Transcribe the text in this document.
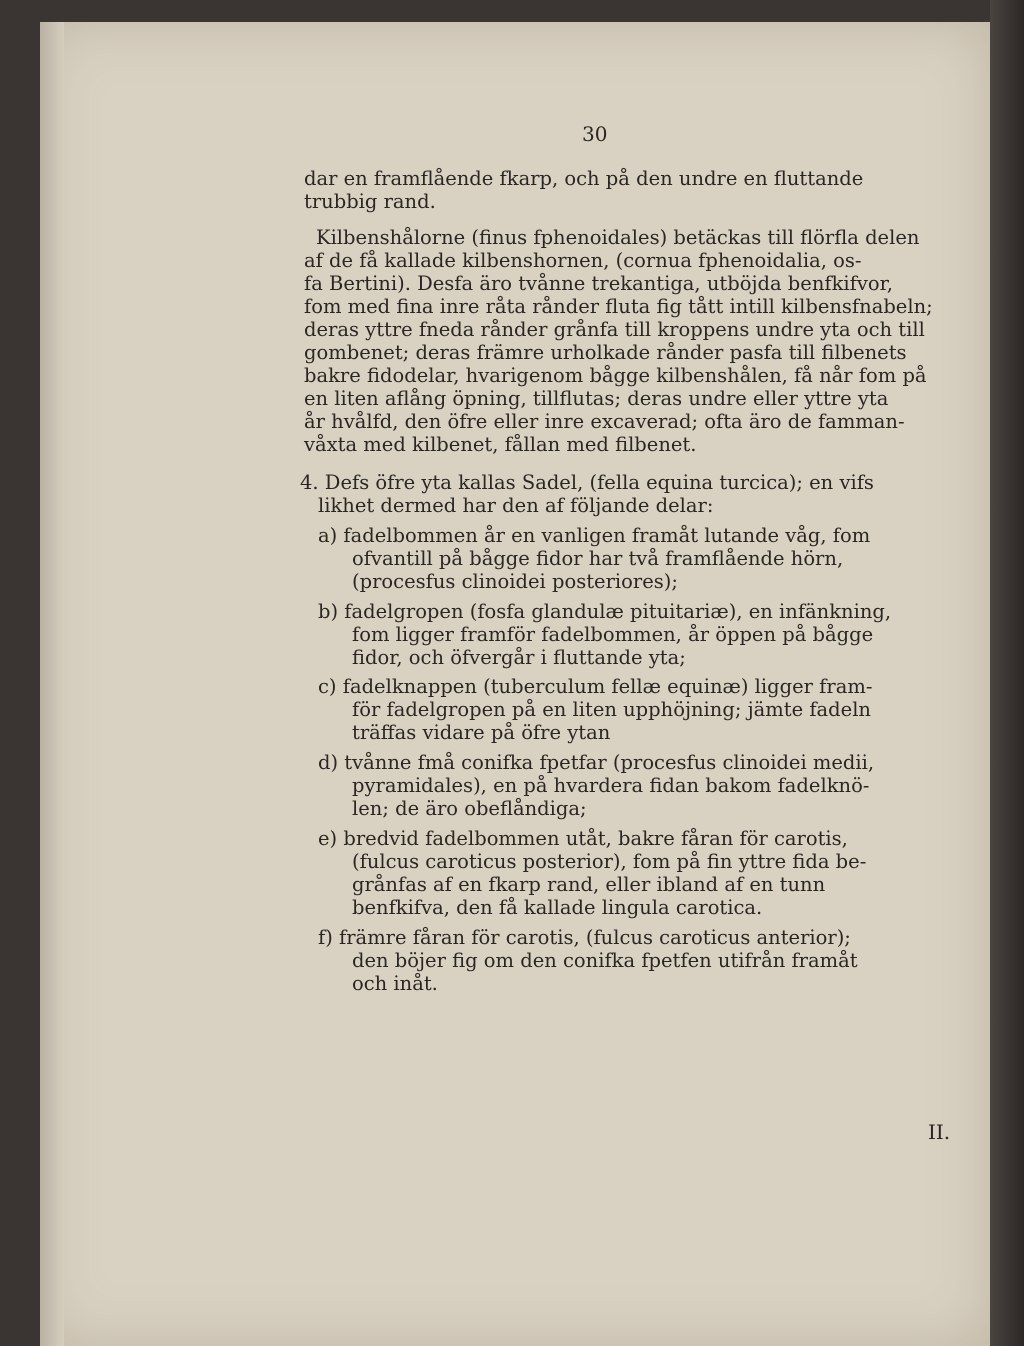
30
dar en framflående fkarp, och på den undre en fluttande
trubbig rand.
Kilbenshålorne (finus fphenoidales) betäckas till flörfla delen
af de få kallade kilbenshornen, (cornua fphenoidalia, os-
fa Bertini). Desfa äro tvånne trekantiga, utböjda benfkifvor,
fom med fina inre råta rånder fluta fig tått intill kilbensfnabeln;
deras yttre fneda rånder grånfa till kroppens undre yta och till
gombenet; deras främre urholkade rånder pasfa till filbenets
bakre fidodelar, hvarigenom bågge kilbenshålen, få når fom på
en liten aflång öpning, tillflutas; deras undre eller yttre yta
år hvålfd, den öfre eller inre excaverad; ofta äro de famman-
våxta med kilbenet, fållan med filbenet.
4. Defs öfre yta kallas Sadel, (fella equina turcica); en vifs
likhet dermed har den af följande delar:
a) fadelbommen år en vanligen framåt lutande våg, fom
ofvantill på bågge fidor har två framflående hörn,
(procesfus clinoidei posteriores);
b) fadelgropen (fosfa glandulæ pituitariæ), en infänkning,
fom ligger framför fadelbommen, år öppen på bågge
fidor, och öfvergår i fluttande yta;
c) fadelknappen (tuberculum fellæ equinæ) ligger fram-
för fadelgropen på en liten upphöjning; jämte fadeln
träffas vidare på öfre ytan
d) tvånne fmå conifka fpetfar (procesfus clinoidei medii,
pyramidales), en på hvardera fidan bakom fadelknö-
len; de äro obeflåndiga;
e) bredvid fadelbommen utåt, bakre fåran för carotis,
(fulcus caroticus posterior), fom på fin yttre fida be-
grånfas af en fkarp rand, eller ibland af en tunn
benfkifva, den få kallade lingula carotica.
f) främre fåran för carotis, (fulcus caroticus anterior);
den böjer fig om den conifka fpetfen utifrån framåt
och inåt.
II.
